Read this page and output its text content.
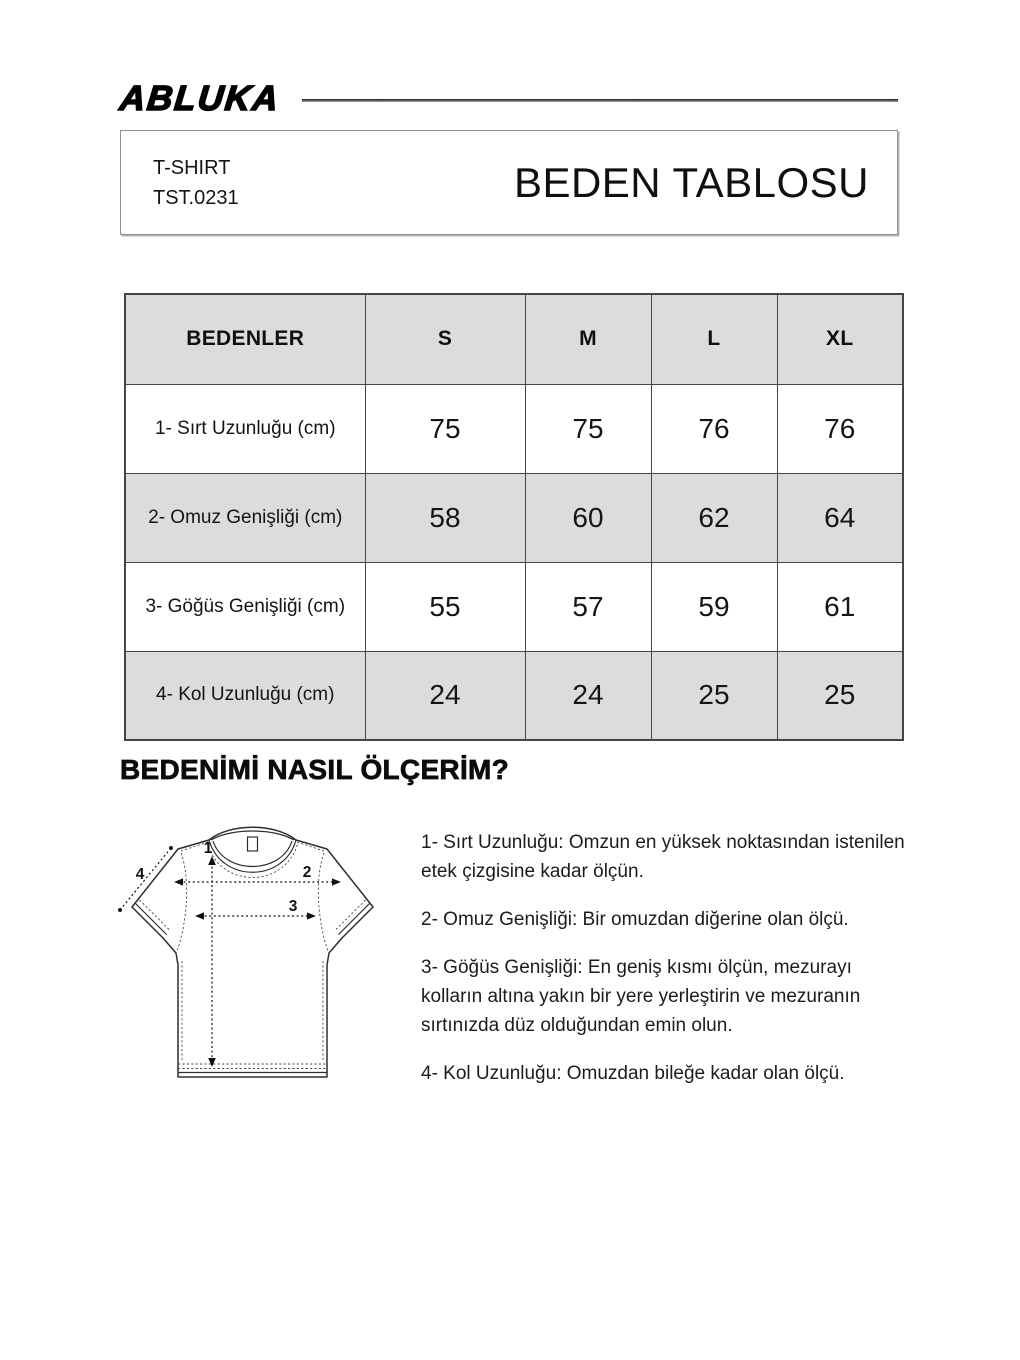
ABLUKA
T-SHIRT
TST.0231	BEDEN TABLOSU
BEDENLER	S	M	L	XL
1- Sırt Uzunluğu (cm)	75	75	76	76
2- Omuz Genişliği (cm)	58	60	62	64
3- Göğüs Genişliği (cm)	55	57	59	61
4- Kol Uzunluğu (cm)	24	24	25	25
BEDENİMİ NASIL ÖLÇERİM?
1
2
3
4

1- Sırt Uzunluğu: Omzun en yüksek noktasından istenilen etek çizgisine kadar ölçün.

2- Omuz Genişliği: Bir omuzdan diğerine olan ölçü.

3- Göğüs Genişliği: En geniş kısmı ölçün, mezurayı kolların altına yakın bir yere yerleştirin ve mezuranın sırtınızda düz olduğundan emin olun.

4- Kol Uzunluğu: Omuzdan bileğe kadar olan ölçü.
